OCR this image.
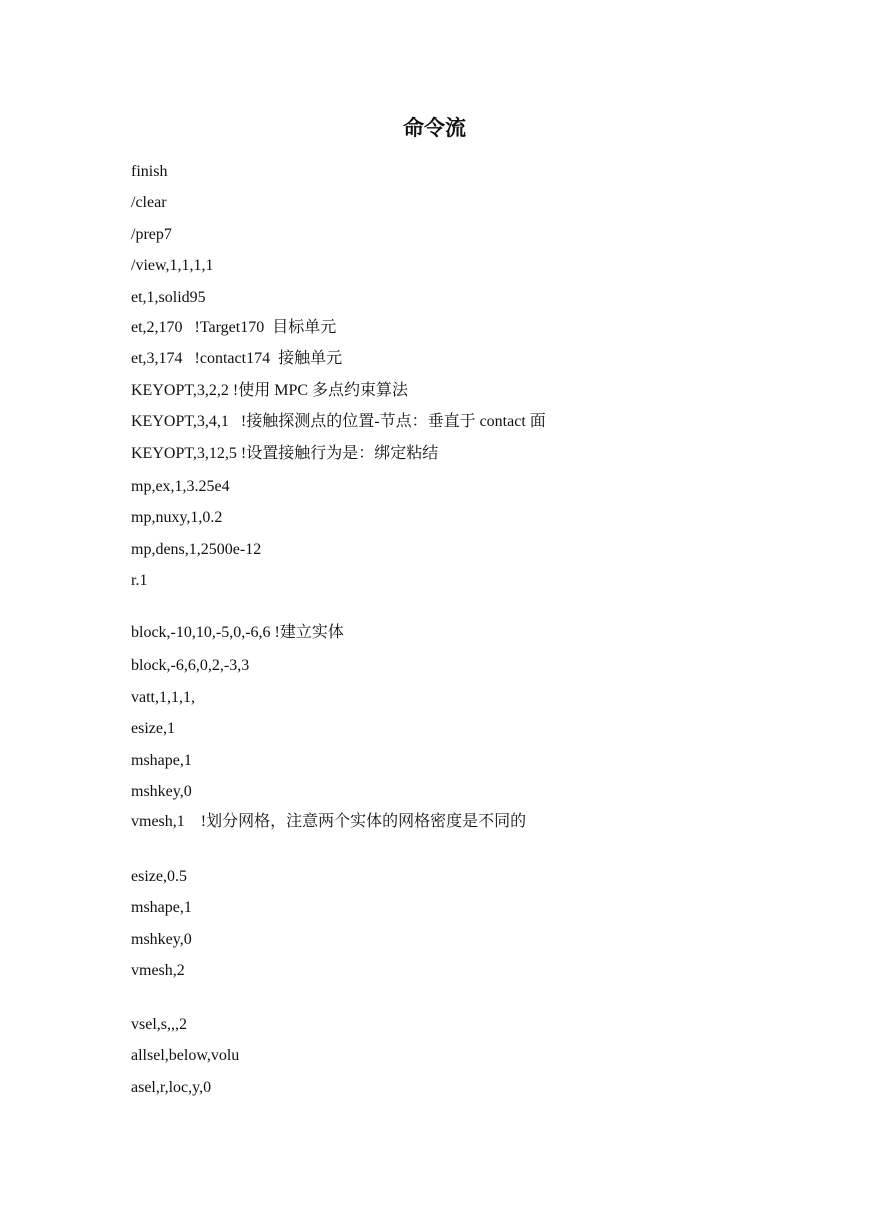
命令流

finish

/clear

/prep7

/view,1,1,1,1

et,1,solid95

et,2,170   !Target170  目标单元

et,3,174   !contact174  接触单元

KEYOPT,3,2,2 !使用 MPC 多点约束算法

KEYOPT,3,4,1   !接触探测点的位置-节点：垂直于 contact 面

KEYOPT,3,12,5 !设置接触行为是：绑定粘结

mp,ex,1,3.25e4

mp,nuxy,1,0.2

mp,dens,1,2500e-12

r.1

block,-10,10,-5,0,-6,6 !建立实体

block,-6,6,0,2,-3,3

vatt,1,1,1,

esize,1

mshape,1

mshkey,0

vmesh,1    !划分网格，注意两个实体的网格密度是不同的

esize,0.5

mshape,1

mshkey,0

vmesh,2

vsel,s,,,2

allsel,below,volu

asel,r,loc,y,0
